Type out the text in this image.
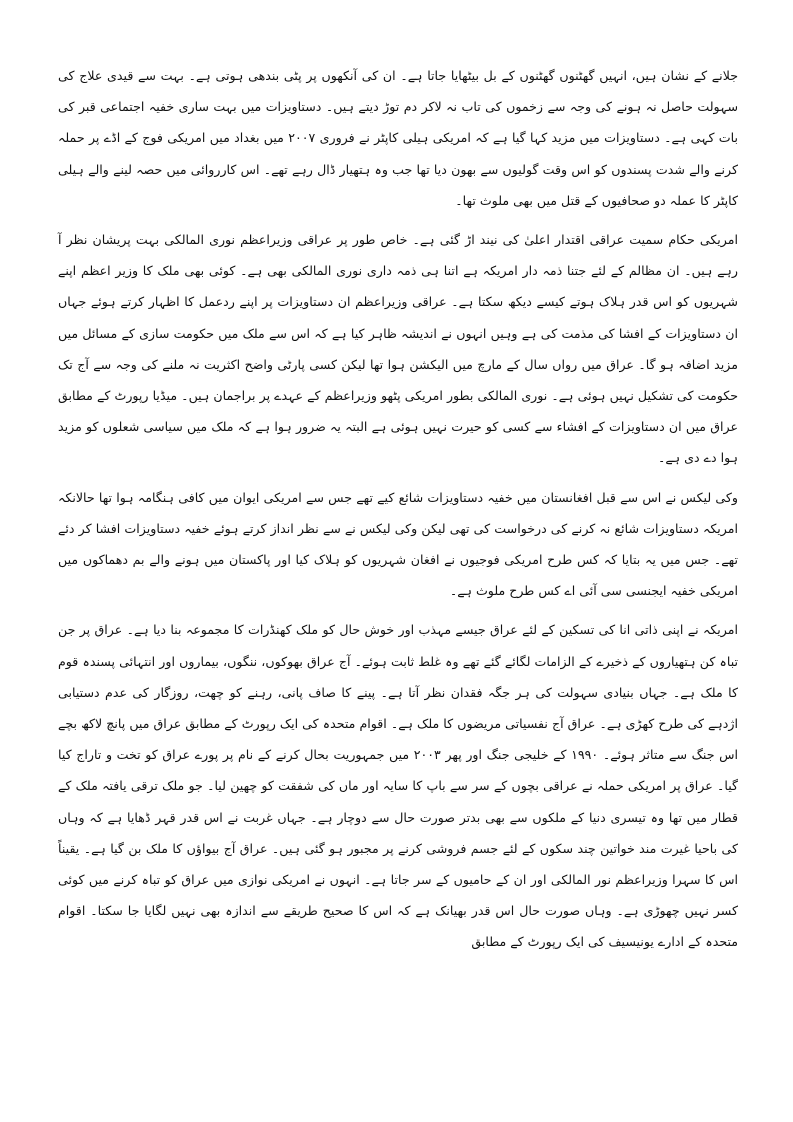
جلانے کے نشان ہیں، انہیں گھٹنوں گھٹنوں کے بل بیٹھایا جاتا ہے۔ ان کی آنکھوں پر پٹی بندھی ہوتی ہے۔ بہت سے قیدی علاج کی سہولت حاصل نہ ہونے کی وجہ سے زخموں کی تاب نہ لاکر دم توڑ دیتے ہیں۔ دستاویزات میں بہت ساری خفیہ اجتماعی قبر کی بات کہی ہے۔ دستاویزات میں مزید کہا گیا ہے کہ امریکی ہیلی کاپٹر نے فروری ۲۰۰۷ میں بغداد میں امریکی فوج کے اڈے پر حملہ کرنے والے شدت پسندوں کو اس وقت گولیوں سے بھون دیا تھا جب وہ ہتھیار ڈال رہے تھے۔ اس کارروائی میں حصہ لینے والے ہیلی کاپٹر کا عملہ دو صحافیوں کے قتل میں بھی ملوث تھا۔

امریکی حکام سمیت عراقی اقتدار اعلیٰ کی نیند اڑ گئی ہے۔ خاص طور پر عراقی وزیراعظم نوری المالکی بہت پریشان نظر آ رہے ہیں۔ ان مظالم کے لئے جتنا ذمہ دار امریکہ ہے اتنا ہی ذمہ داری نوری المالکی بھی ہے۔ کوئی بھی ملک کا وزیر اعظم اپنے شہریوں کو اس قدر ہلاک ہوتے کیسے دیکھ سکتا ہے۔ عراقی وزیراعظم ان دستاویزات پر اپنے ردعمل کا اظہار کرتے ہوئے جہاں ان دستاویزات کے افشا کی مذمت کی ہے وہیں انہوں نے اندیشہ ظاہر کیا ہے کہ اس سے ملک میں حکومت سازی کے مسائل میں مزید اضافہ ہو گا۔ عراق میں رواں سال کے مارچ میں الیکشن ہوا تھا لیکن کسی پارٹی واضح اکثریت نہ ملنے کی وجہ سے آج تک حکومت کی تشکیل نہیں ہوئی ہے۔ نوری المالکی بطور امریکی پٹھو وزیراعظم کے عہدے پر براجمان ہیں۔ میڈیا رپورٹ کے مطابق عراق میں ان دستاویزات کے افشاء سے کسی کو حیرت نہیں ہوئی ہے البتہ یہ ضرور ہوا ہے کہ ملک میں سیاسی شعلوں کو مزید ہوا دے دی ہے۔

وکی لیکس نے اس سے قبل افغانستان میں خفیہ دستاویزات شائع کیے تھے جس سے امریکی ایوان میں کافی ہنگامہ ہوا تھا حالانکہ امریکہ دستاویزات شائع نہ کرنے کی درخواست کی تھی لیکن وکی لیکس نے سے نظر انداز کرتے ہوئے خفیہ دستاویزات افشا کر دئے تھے۔ جس میں یہ بتایا کہ کس طرح امریکی فوجیوں نے افغان شہریوں کو ہلاک کیا اور پاکستان میں ہونے والے بم دھماکوں میں امریکی خفیہ ایجنسی سی آئی اے کس طرح ملوث ہے۔

امریکہ نے اپنی ذاتی انا کی تسکین کے لئے عراق جیسے مہذب اور خوش حال کو ملک کھنڈرات کا مجموعہ بنا دیا ہے۔ عراق پر جن تباہ کن ہتھیاروں کے ذخیرے کے الزامات لگائے گئے تھے وہ غلط ثابت ہوئے۔ آج عراق بھوکوں، ننگوں، بیماروں اور انتہائی پسندہ قوم کا ملک ہے۔ جہاں بنیادی سہولت کی ہر جگہ فقدان نظر آتا ہے۔ پینے کا صاف پانی، رہنے کو چھت، روزگار کی عدم دستیابی اژدہے کی طرح کھڑی ہے۔ عراق آج نفسیاتی مریضوں کا ملک ہے۔ اقوام متحدہ کی ایک رپورٹ کے مطابق عراق میں پانچ لاکھ بچے اس جنگ سے متاثر ہوئے۔ ۱۹۹۰ کے خلیجی جنگ اور پھر ۲۰۰۳ میں جمہوریت بحال کرنے کے نام پر پورے عراق کو تخت و تاراج کیا گیا۔ عراق پر امریکی حملہ نے عراقی بچوں کے سر سے باپ کا سایہ اور ماں کی شفقت کو چھین لیا۔ جو ملک ترقی یافتہ ملک کے قطار میں تھا وہ تیسری دنیا کے ملکوں سے بھی بدتر صورت حال سے دوچار ہے۔ جہاں غربت نے اس قدر قہر ڈھایا ہے کہ وہاں کی باحیا غیرت مند خواتین چند سکوں کے لئے جسم فروشی کرنے پر مجبور ہو گئی ہیں۔ عراق آج بیواؤں کا ملک بن گیا ہے۔ یقیناً اس کا سہرا وزیراعظم نور المالکی اور ان کے حامیوں کے سر جاتا ہے۔ انہوں نے امریکی نوازی میں عراق کو تباہ کرنے میں کوئی کسر نہیں چھوڑی ہے۔ وہاں صورت حال اس قدر بھیانک ہے کہ اس کا صحیح طریقے سے اندازہ بھی نہیں لگایا جا سکتا۔ اقوام متحدہ کے ادارے یونیسیف کی ایک رپورٹ کے مطابق
